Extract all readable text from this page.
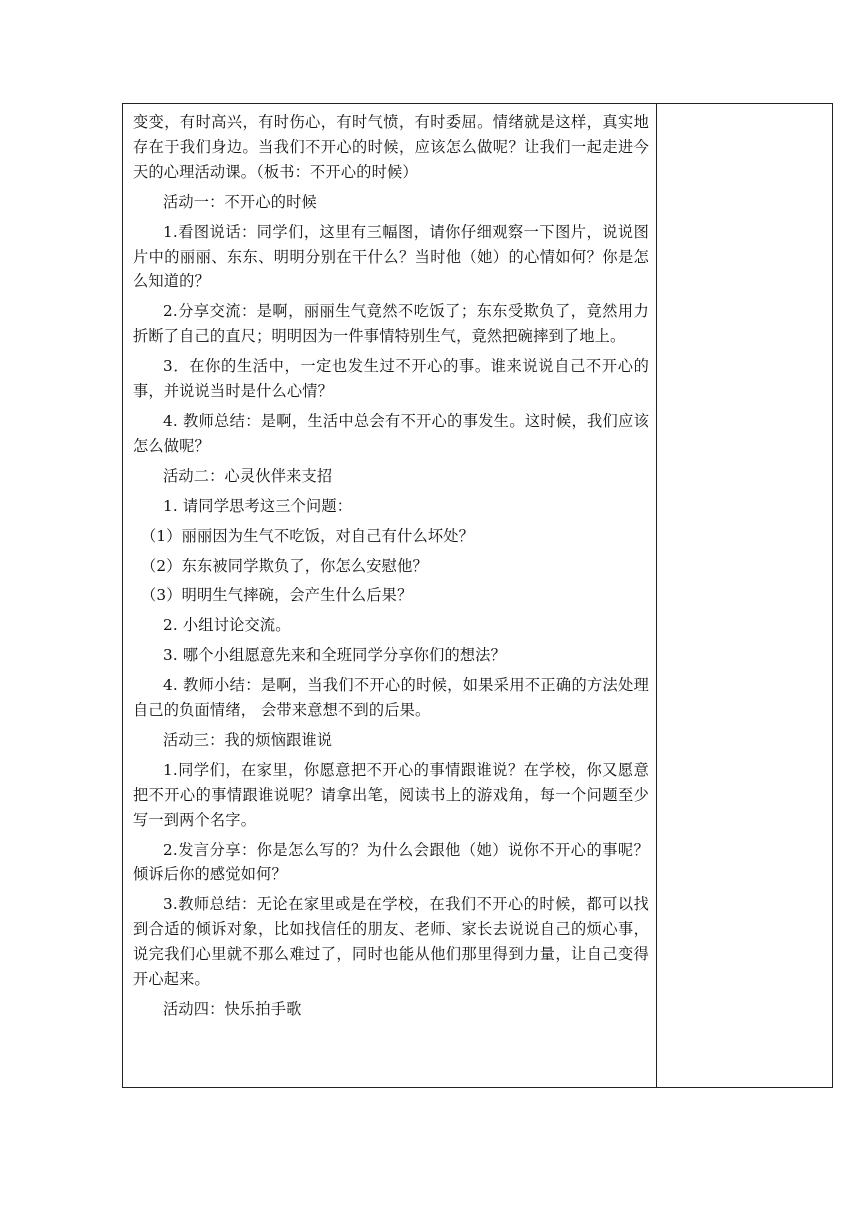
变变，有时高兴，有时伤心，有时气愤，有时委屈。情绪就是这样，真实地存在于我们身边。当我们不开心的时候，应该怎么做呢？让我们一起走进今天的心理活动课。（板书：不开心的时候）

活动一：不开心的时候

1.看图说话：同学们，这里有三幅图，请你仔细观察一下图片，说说图片中的丽丽、东东、明明分别在干什么？当时他（她）的心情如何？你是怎么知道的？

2.分享交流：是啊，丽丽生气竟然不吃饭了；东东受欺负了，竟然用力折断了自己的直尺；明明因为一件事情特别生气，竟然把碗摔到了地上。

3．在你的生活中，一定也发生过不开心的事。谁来说说自己不开心的事，并说说当时是什么心情？

4. 教师总结：是啊，生活中总会有不开心的事发生。这时候，我们应该怎么做呢？

活动二：心灵伙伴来支招

1. 请同学思考这三个问题：

（1）丽丽因为生气不吃饭，对自己有什么坏处？

（2）东东被同学欺负了，你怎么安慰他？

（3）明明生气摔碗，会产生什么后果？

2. 小组讨论交流。

3. 哪个小组愿意先来和全班同学分享你们的想法？

4. 教师小结：是啊，当我们不开心的时候，如果采用不正确的方法处理自己的负面情绪， 会带来意想不到的后果。

活动三：我的烦恼跟谁说

1.同学们，在家里，你愿意把不开心的事情跟谁说？在学校，你又愿意把不开心的事情跟谁说呢？请拿出笔，阅读书上的游戏角，每一个问题至少写一到两个名字。

2.发言分享：你是怎么写的？为什么会跟他（她）说你不开心的事呢？倾诉后你的感觉如何？

3.教师总结：无论在家里或是在学校，在我们不开心的时候，都可以找到合适的倾诉对象，比如找信任的朋友、老师、家长去说说自己的烦心事，说完我们心里就不那么难过了，同时也能从他们那里得到力量，让自己变得开心起来。

活动四：快乐拍手歌
